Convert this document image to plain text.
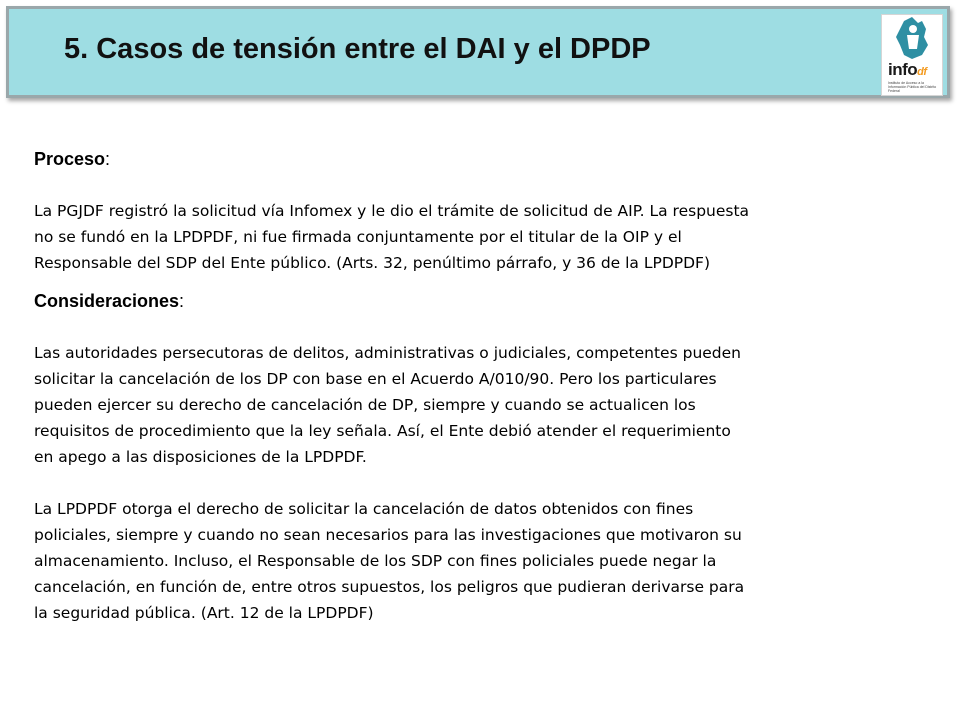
5. Casos de tensión entre el DAI y el DPDP
infodf
Instituto de Acceso a la Información Pública del Distrito Federal

Proceso:

La PGJDF registró la solicitud vía Infomex y le dio el trámite de solicitud de AIP. La respuesta
no se fundó en la LPDPDF, ni fue firmada conjuntamente por el titular de la OIP y el
Responsable del SDP del Ente público. (Arts. 32, penúltimo párrafo, y 36 de la LPDPDF)

Consideraciones:

Las autoridades persecutoras de delitos, administrativas o judiciales, competentes pueden
solicitar la cancelación de los DP con base en el Acuerdo A/010/90. Pero los particulares
pueden ejercer su derecho de cancelación de DP, siempre y cuando se actualicen los
requisitos de procedimiento que la ley señala. Así, el Ente debió atender el requerimiento
en apego a las disposiciones de la LPDPDF.

La LPDPDF otorga el derecho de solicitar la cancelación de datos obtenidos con fines
policiales, siempre y cuando no sean necesarios para las investigaciones que motivaron su
almacenamiento. Incluso, el Responsable de los SDP con fines policiales puede negar la
cancelación, en función de, entre otros supuestos, los peligros que pudieran derivarse para
la seguridad pública. (Art. 12 de la LPDPDF)
